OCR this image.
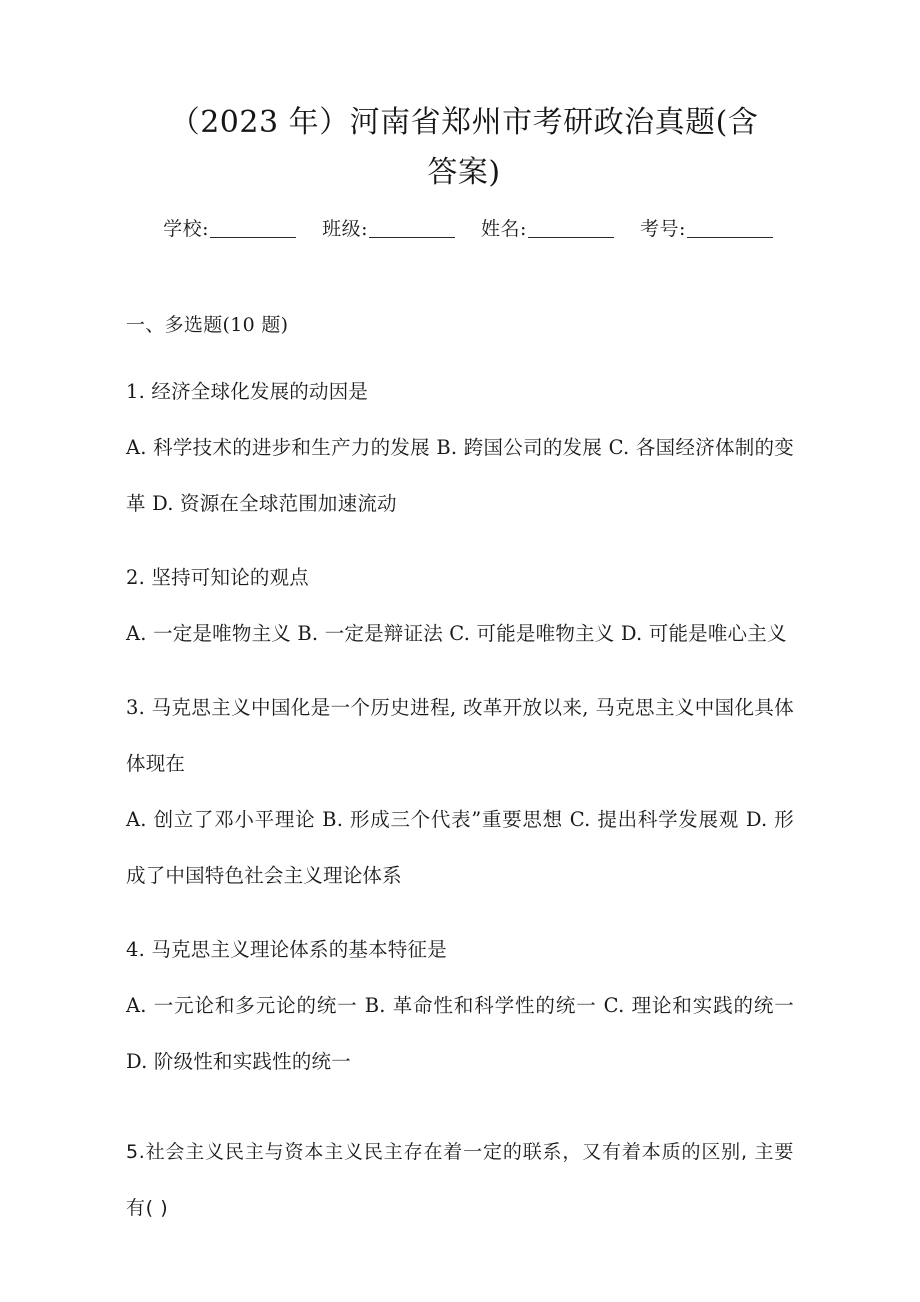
（2023 年）河南省郑州市考研政治真题(含
答案)
学校:	班级:	姓名:	考号:

一、多选题(10 题)

1. 经济全球化发展的动因是

A. 科学技术的进步和生产力的发展 B. 跨国公司的发展 C. 各国经济体制的变革 D. 资源在全球范围加速流动

2. 坚持可知论的观点

A. 一定是唯物主义 B. 一定是辩证法 C. 可能是唯物主义 D. 可能是唯心主义

3. 马克思主义中国化是一个历史进程, 改革开放以来, 马克思主义中国化具体体现在

A. 创立了邓小平理论 B. 形成三个代表”重要思想 C. 提出科学发展观 D. 形成了中国特色社会主义理论体系

4. 马克思主义理论体系的基本特征是

A. 一元论和多元论的统一 B. 革命性和科学性的统一 C. 理论和实践的统一 D. 阶级性和实践性的统一

5.社会主义民主与资本主义民主存在着一定的联系，又有着本质的区别, 主要有( )
